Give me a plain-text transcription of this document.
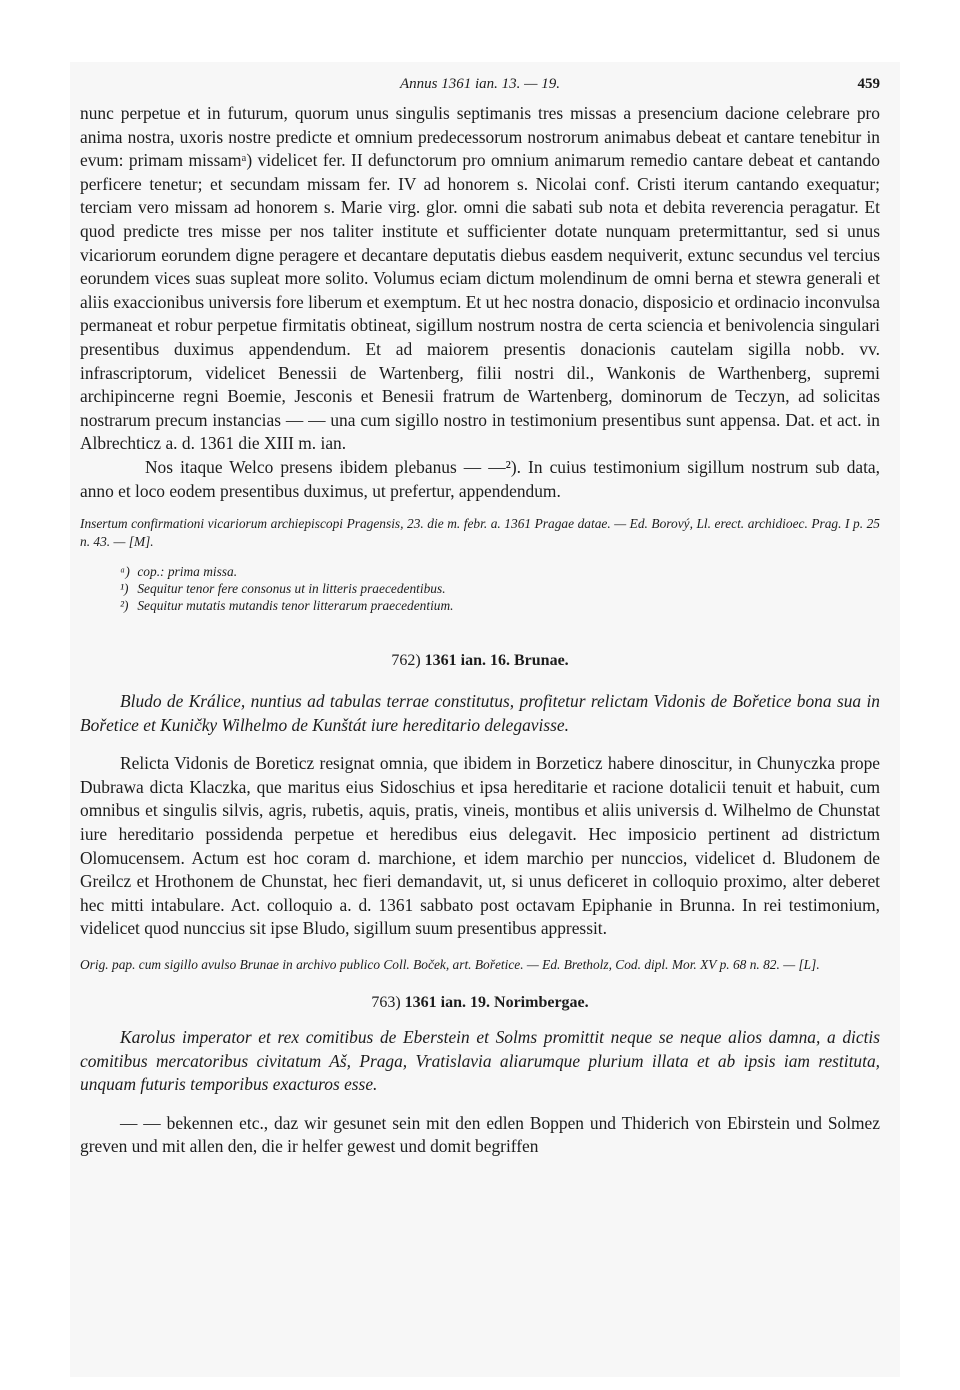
Annus 1361 ian. 13. — 19.	459

nunc perpetue et in futurum, quorum unus singulis septimanis tres missas a presencium dacione celebrare pro anima nostra, uxoris nostre predicte et omnium predecessorum nostrorum animabus debeat et cantare tenebitur in evum: primam missamᵃ) videlicet fer. II defunctorum pro omnium animarum remedio cantare debeat et cantando perficere tenetur; et secundam missam fer. IV ad honorem s. Nicolai conf. Cristi iterum cantando exequatur; terciam vero missam ad honorem s. Marie virg. glor. omni die sabati sub nota et debita reverencia peragatur. Et quod predicte tres misse per nos taliter institute et sufficienter dotate nunquam pretermittantur, sed si unus vicariorum eorundem digne peragere et decantare deputatis diebus easdem nequiverit, extunc secundus vel tercius eorundem vices suas supleat more solito. Volumus eciam dictum molendinum de omni berna et stewra generali et aliis exaccionibus universis fore liberum et exemptum. Et ut hec nostra donacio, disposicio et ordinacio inconvulsa permaneat et robur perpetue firmitatis obtineat, sigillum nostrum nostra de certa sciencia et benivolencia singulari presentibus duximus appendendum. Et ad maiorem presentis donacionis cautelam sigilla nobb. vv. infrascriptorum, videlicet Benessii de Wartenberg, filii nostri dil., Wankonis de Warthenberg, supremi archipincerne regni Boemie, Jesconis et Benesii fratrum de Wartenberg, dominorum de Teczyn, ad solicitas nostrarum precum instancias — — una cum sigillo nostro in testimonium presentibus sunt appensa. Dat. et act. in Albrechticz a. d. 1361 die XIII m. ian.

Nos itaque Welco presens ibidem plebanus — —²). In cuius testimonium sigillum nostrum sub data, anno et loco eodem presentibus duximus, ut prefertur, appendendum.

Insertum confirmationi vicariorum archiepiscopi Pragensis, 23. die m. febr. a. 1361 Pragae datae. — Ed. Borový, Ll. erect. archidioec. Prag. I p. 25 n. 43. — [M].

ᵃ) cop.: prima missa.
¹) Sequitur tenor fere consonus ut in litteris praecedentibus.
²) Sequitur mutatis mutandis tenor litterarum praecedentium.
762) 1361 ian. 16. Brunae.

Bludo de Králice, nuntius ad tabulas terrae constitutus, profitetur relictam Vidonis de Bořetice bona sua in Bořetice et Kuničky Wilhelmo de Kunštát iure hereditario delegavisse.

Relicta Vidonis de Boreticz resignat omnia, que ibidem in Borzeticz habere dinoscitur, in Chunyczka prope Dubrawa dicta Klaczka, que maritus eius Sidoschius et ipsa hereditarie et racione dotalicii tenuit et habuit, cum omnibus et singulis silvis, agris, rubetis, aquis, pratis, vineis, montibus et aliis universis d. Wilhelmo de Chunstat iure hereditario possidenda perpetue et heredibus eius delegavit. Hec imposicio pertinent ad districtum Olomucensem. Actum est hoc coram d. marchione, et idem marchio per nunccios, videlicet d. Bludonem de Greilcz et Hrothonem de Chunstat, hec fieri demandavit, ut, si unus deficeret in colloquio proximo, alter deberet hec mitti intabulare. Act. colloquio a. d. 1361 sabbato post octavam Epiphanie in Brunna. In rei testimonium, videlicet quod nunccius sit ipse Bludo, sigillum suum presentibus appressit.

Orig. pap. cum sigillo avulso Brunae in archivo publico Coll. Boček, art. Bořetice. — Ed. Bretholz, Cod. dipl. Mor. XV p. 68 n. 82. — [L].

763) 1361 ian. 19. Norimbergae.

Karolus imperator et rex comitibus de Eberstein et Solms promittit neque se neque alios damna, a dictis comitibus mercatoribus civitatum Aš, Praga, Vratislavia aliarumque plurium illata et ab ipsis iam restituta, unquam futuris temporibus exacturos esse.

— — bekennen etc., daz wir gesunet sein mit den edlen Boppen und Thiderich von Ebirstein und Solmez greven und mit allen den, die ir helfer gewest und domit begriffen
